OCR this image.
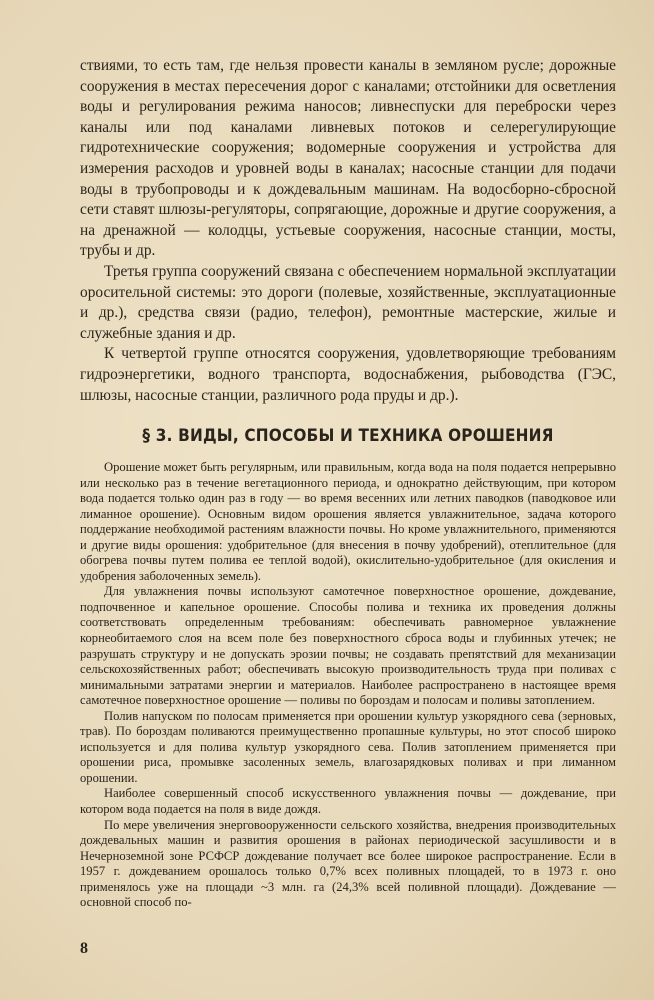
ствиями, то есть там, где нельзя провести каналы в земляном русле; дорожные сооружения в местах пересечения дорог с каналами; отстойники для осветления воды и регулирования режима наносов; ливнеспуски для переброски через каналы или под каналами ливневых потоков и селерегулирующие гидротехнические сооружения; водомерные сооружения и устройства для измерения расходов и уровней воды в каналах; насосные станции для подачи воды в трубопроводы и к дождевальным машинам. На водосборно-сбросной сети ставят шлюзы-регуляторы, сопрягающие, дорожные и другие сооружения, а на дренажной — колодцы, устьевые сооружения, насосные станции, мосты, трубы и др.

Третья группа сооружений связана с обеспечением нормальной эксплуатации оросительной системы: это дороги (полевые, хозяйственные, эксплуатационные и др.), средства связи (радио, телефон), ремонтные мастерские, жилые и служебные здания и др.

К четвертой группе относятся сооружения, удовлетворяющие требованиям гидроэнергетики, водного транспорта, водоснабжения, рыбоводства (ГЭС, шлюзы, насосные станции, различного рода пруды и др.).

§ 3. ВИДЫ, СПОСОБЫ И ТЕХНИКА ОРОШЕНИЯ

Орошение может быть регулярным, или правильным, когда вода на поля подается непрерывно или несколько раз в течение вегетационного периода, и однократно действующим, при котором вода подается только один раз в году — во время весенних или летних паводков (паводковое или лиманное орошение). Основным видом орошения является увлажнительное, задача которого поддержание необходимой растениям влажности почвы. Но кроме увлажнительного, применяются и другие виды орошения: удобрительное (для внесения в почву удобрений), отеплительное (для обогрева почвы путем полива ее теплой водой), окислительно-удобрительное (для окисления и удобрения заболоченных земель).

Для увлажнения почвы используют самотечное поверхностное орошение, дождевание, подпочвенное и капельное орошение. Способы полива и техника их проведения должны соответствовать определенным требованиям: обеспечивать равномерное увлажнение корнеобитаемого слоя на всем поле без поверхностного сброса воды и глубинных утечек; не разрушать структуру и не допускать эрозии почвы; не создавать препятствий для механизации сельскохозяйственных работ; обеспечивать высокую производительность труда при поливах с минимальными затратами энергии и материалов. Наиболее распространено в настоящее время самотечное поверхностное орошение — поливы по бороздам и полосам и поливы затоплением.

Полив напуском по полосам применяется при орошении культур узкорядного сева (зерновых, трав). По бороздам поливаются преимущественно пропашные культуры, но этот способ широко используется и для полива культур узкорядного сева. Полив затоплением применяется при орошении риса, промывке засоленных земель, влагозарядковых поливах и при лиманном орошении.

Наиболее совершенный способ искусственного увлажнения почвы — дождевание, при котором вода подается на поля в виде дождя.

По мере увеличения энерговооруженности сельского хозяйства, внедрения производительных дождевальных машин и развития орошения в районах периодической засушливости и в Нечерноземной зоне РСФСР дождевание получает все более широкое распространение. Если в 1957 г. дождеванием орошалось только 0,7% всех поливных площадей, то в 1973 г. оно применялось уже на площади ~3 млн. га (24,3% всей поливной площади). Дождевание — основной способ по-

8
